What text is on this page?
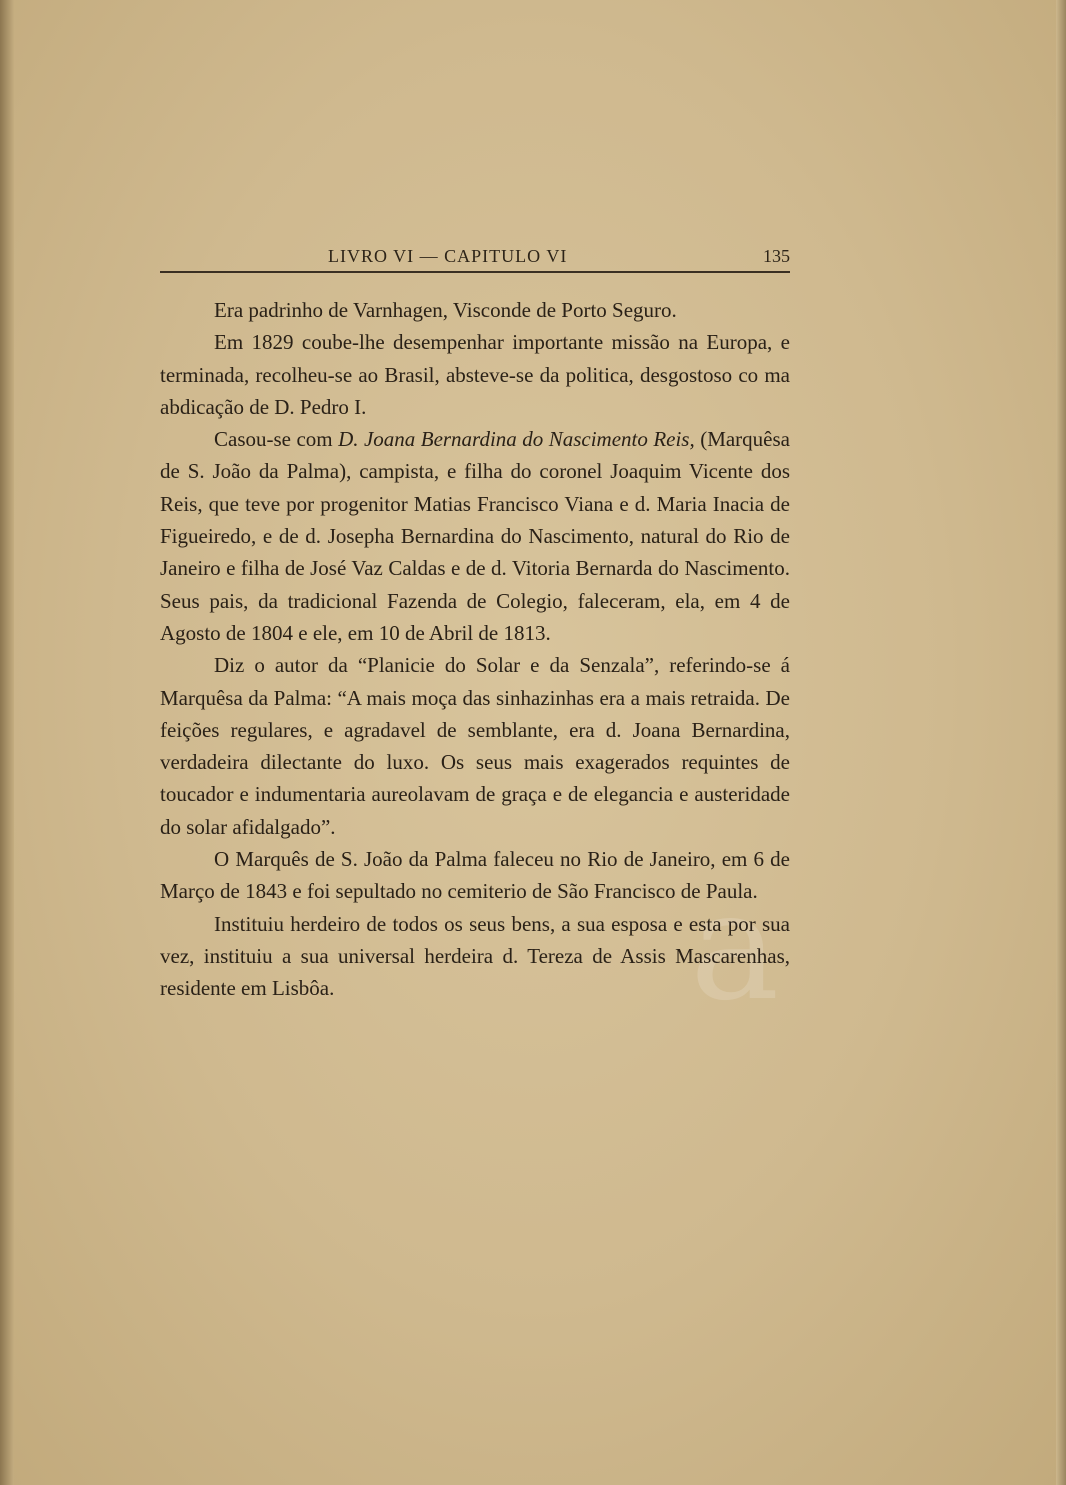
a
LIVRO VI — CAPITULO VI	135

Era padrinho de Varnhagen, Visconde de Porto Seguro.

Em 1829 coube-lhe desempenhar importante missão na Europa, e terminada, recolheu-se ao Brasil, absteve-se da politica, desgostoso co ma abdicação de D. Pedro I.

Casou-se com D. Joana Bernardina do Nascimento Reis, (Marquêsa de S. João da Palma), campista, e filha do coronel Joaquim Vicente dos Reis, que teve por progenitor Matias Francisco Viana e d. Maria Inacia de Figueiredo, e de d. Josepha Bernardina do Nascimento, natural do Rio de Janeiro e filha de José Vaz Caldas e de d. Vitoria Bernarda do Nascimento. Seus pais, da tradicional Fazenda de Colegio, faleceram, ela, em 4 de Agosto de 1804 e ele, em 10 de Abril de 1813.

Diz o autor da “Planicie do Solar e da Senzala”, referindo-se á Marquêsa da Palma: “A mais moça das sinhazinhas era a mais retraida. De feições regulares, e agradavel de semblante, era d. Joana Bernardina, verdadeira dilectante do luxo. Os seus mais exagerados requintes de toucador e indumentaria aureolavam de graça e de elegancia e austeridade do solar afidalgado”.

O Marquês de S. João da Palma faleceu no Rio de Janeiro, em 6 de Março de 1843 e foi sepultado no cemiterio de São Francisco de Paula.

Instituiu herdeiro de todos os seus bens, a sua esposa e esta por sua vez, instituiu a sua universal herdeira d. Tereza de Assis Mascarenhas, residente em Lisbôa.
